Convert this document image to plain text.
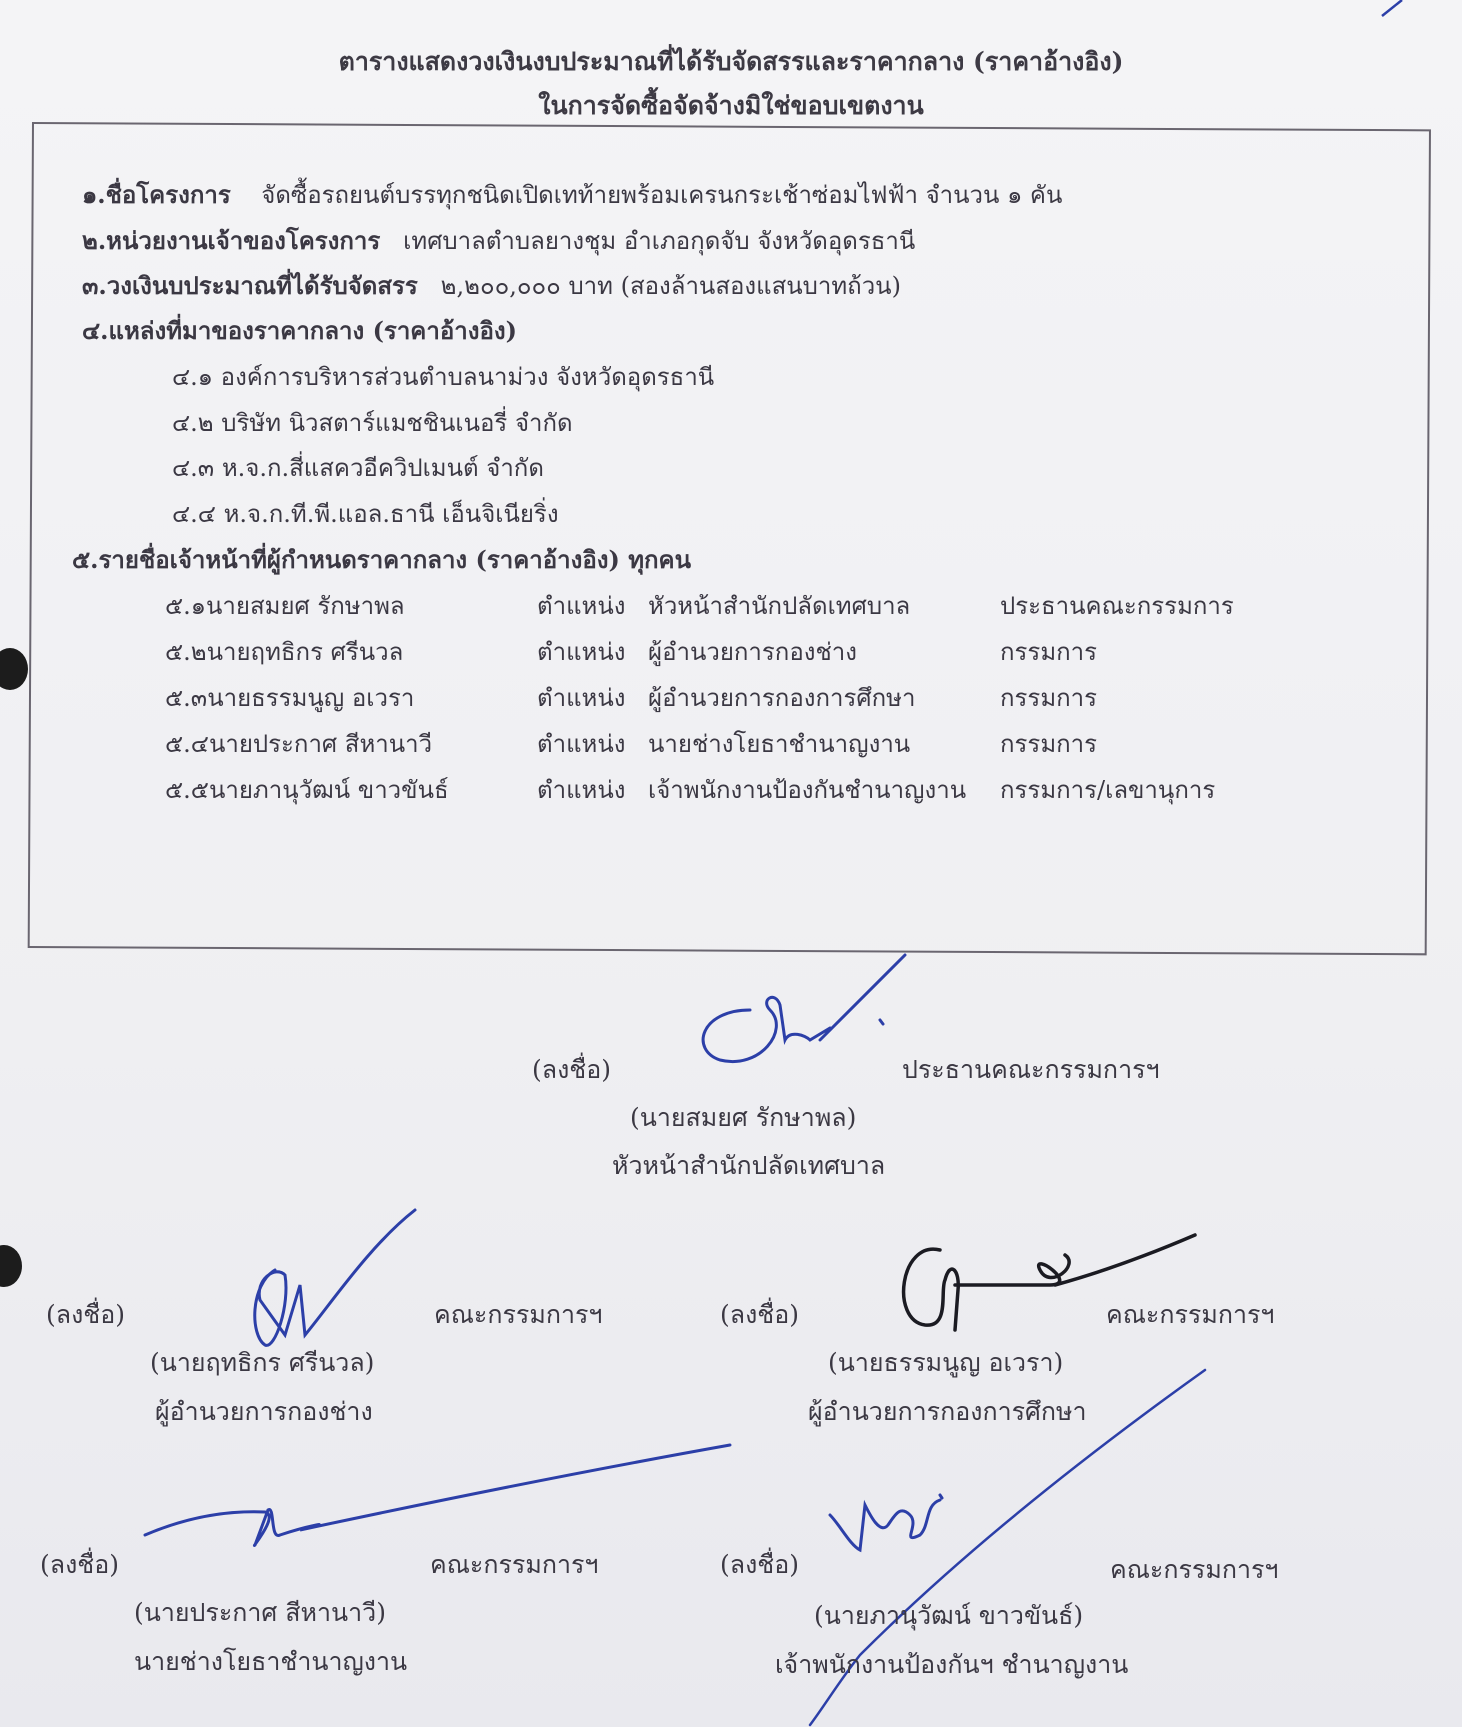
ตารางแสดงวงเงินงบประมาณที่ได้รับจัดสรรและราคากลาง (ราคาอ้างอิง)
ในการจัดซื้อจัดจ้างมิใช่ขอบเขตงาน
๑.ชื่อโครงการ จัดซื้อรถยนต์บรรทุกชนิดเปิดเทท้ายพร้อมเครนกระเช้าซ่อมไฟฟ้า จำนวน ๑ คัน
๒.หน่วยงานเจ้าของโครงการ เทศบาลตำบลยางชุม อำเภอกุดจับ จังหวัดอุดรธานี
๓.วงเงินบประมาณที่ได้รับจัดสรร ๒,๒๐๐,๐๐๐ บาท (สองล้านสองแสนบาทถ้วน)
๔.แหล่งที่มาของราคากลาง (ราคาอ้างอิง)
๔.๑ องค์การบริหารส่วนตำบลนาม่วง จังหวัดอุดรธานี
๔.๒ บริษัท นิวสตาร์แมชชินเนอรี่ จำกัด
๔.๓ ห.จ.ก.สี่แสควอีควิปเมนต์ จำกัด
๔.๔ ห.จ.ก.ที.พี.แอล.ธานี เอ็นจิเนียริ่ง
๕.รายชื่อเจ้าหน้าที่ผู้กำหนดราคากลาง (ราคาอ้างอิง) ทุกคน
๕.๑นายสมยศ รักษาพล	ตำแหน่ง หัวหน้าสำนักปลัดเทศบาล	ประธานคณะกรรมการ
๕.๒นายฤทธิกร ศรีนวล	ตำแหน่ง ผู้อำนวยการกองช่าง	กรรมการ
๕.๓นายธรรมนูญ อเวรา	ตำแหน่ง ผู้อำนวยการกองการศึกษา	กรรมการ
๕.๔นายประกาศ สีหานาวี	ตำแหน่ง นายช่างโยธาชำนาญงาน	กรรมการ
๕.๕นายภานุวัฒน์ ขาวขันธ์	ตำแหน่ง เจ้าพนักงานป้องกันชำนาญงาน กรรมการ/เลขานุการ
(ลงชื่อ)	ประธานคณะกรรมการฯ
(นายสมยศ รักษาพล)
หัวหน้าสำนักปลัดเทศบาล
(ลงชื่อ)	คณะกรรมการฯ
(นายฤทธิกร ศรีนวล)
ผู้อำนวยการกองช่าง
(ลงชื่อ)	คณะกรรมการฯ
(นายธรรมนูญ อเวรา)
ผู้อำนวยการกองการศึกษา
(ลงชื่อ)	คณะกรรมการฯ
(นายประกาศ สีหานาวี)
นายช่างโยธาชำนาญงาน
(ลงชื่อ)	คณะกรรมการฯ
(นายภานุวัฒน์ ขาวขันธ์)
เจ้าพนักงานป้องกันฯ ชำนาญงาน
